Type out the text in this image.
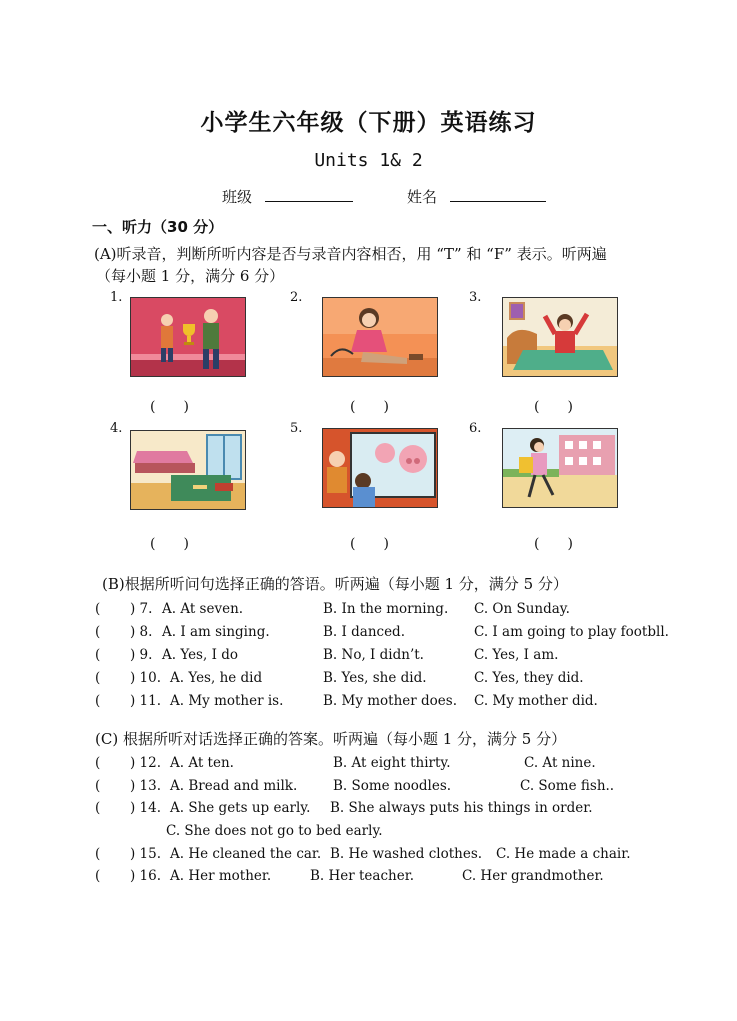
小学生六年级（下册）英语练习
Units 1& 2
班级	姓名
一、听力（30 分）
(A)听录音，判断所听内容是否与录音内容相否，用 “T” 和 “F” 表示。听两遍
（每小题 1 分，满分 6 分）
1.	2.	3.
4.	5.	6.
(　　)	(　　)	(　　)
(　　)	(　　)	(　　)
(B)根据所听问句选择正确的答语。听两遍（每小题 1 分，满分 5 分）
( ) 7. A. At seven.	B. In the morning. C. On Sunday.
( ) 8. A. I am singing.	B. I danced.	C. I am going to play footbll.
( ) 9. A. Yes, I do	B. No, I didn’t.	C. Yes, I am.
( ) 10. A. Yes, he did	B. Yes, she did.	C. Yes, they did.
( ) 11. A. My mother is.	B. My mother does. C. My mother did.
(C) 根据所听对话选择正确的答案。听两遍（每小题 1 分，满分 5 分）
( ) 12. A. At ten.	B. At eight thirty.	C. At nine.
( ) 13. A. Bread and milk.	B. Some noodles.	C. Some fish..
( ) 14. A. She gets up early. B. She always puts his things in order.
C. She does not go to bed early.
( ) 15. A. He cleaned the car. B. He washed clothes. C. He made a chair.
( ) 16. A. Her mother.	B. Her teacher.	C. Her grandmother.
